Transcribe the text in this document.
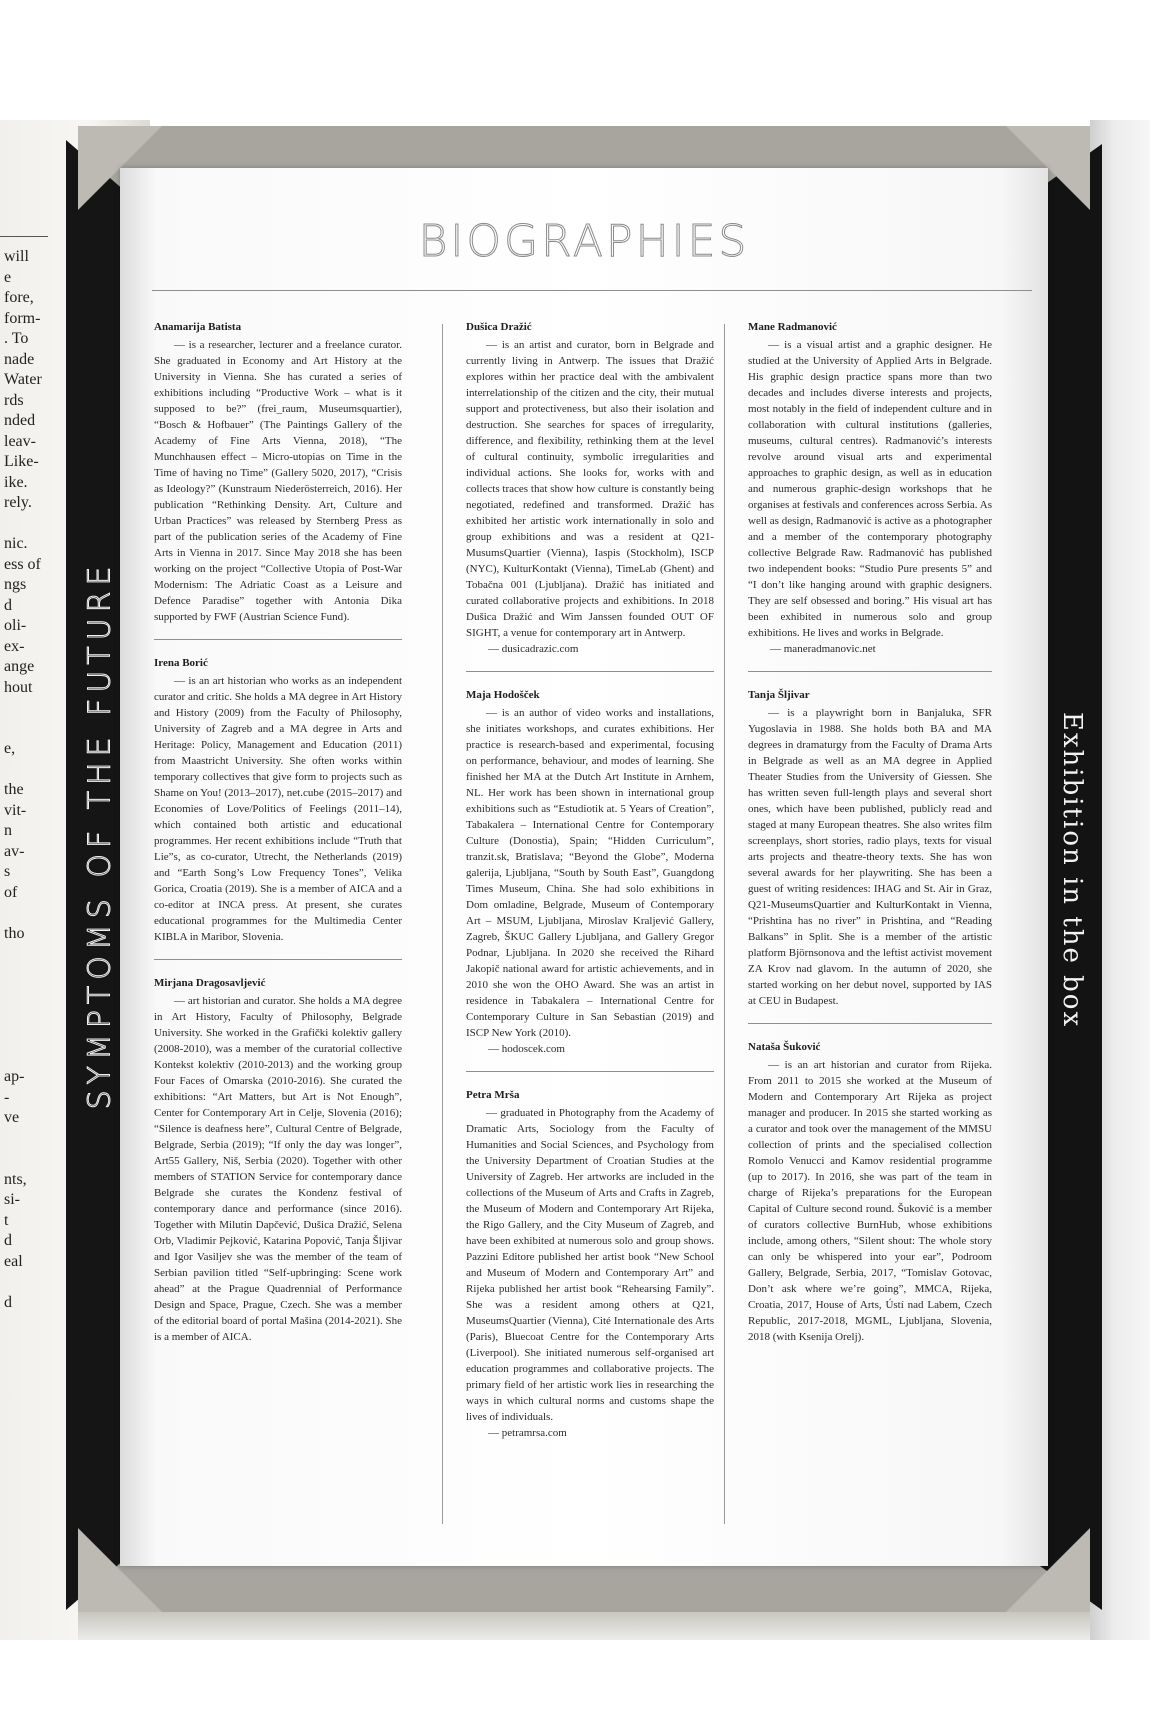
will
e
fore,
form-
. To
nade
Water
rds
nded
leav-
Like-
ike.
rely.
nic.
ess of
ngs
d
oli-
ex-
ange
hout
e,
the
vit-
n
av-
s
of
tho
ap-
-
ve
nts,
si-
t
d
eal
d
SYMPTOMS OF THE FUTURE	Exhibition in the box
BIOGRAPHIES
Anamarija Batista

— is a researcher, lecturer and a freelance curator. She graduated in Economy and Art History at the University in Vienna. She has curated a series of exhibitions including “Productive Work – what is it supposed to be?” (frei_raum, Museumsquartier), “Bosch & Hofbauer” (The Paintings Gallery of the Academy of Fine Arts Vienna, 2018), “The Munchhausen effect – Micro-utopias on Time in the Time of having no Time” (Gallery 5020, 2017), “Crisis as Ideology?” (Kunstraum Niederösterreich, 2016). Her publication “Rethinking Density. Art, Culture and Urban Practices” was released by Sternberg Press as part of the publication series of the Academy of Fine Arts in Vienna in 2017. Since May 2018 she has been working on the project “Collective Utopia of Post-War Modernism: The Adriatic Coast as a Leisure and Defence Paradise” together with Antonia Dika supported by FWF (Austrian Science Fund).

Irena Borić

— is an art historian who works as an independent curator and critic. She holds a MA degree in Art History and History (2009) from the Faculty of Philosophy, University of Zagreb and a MA degree in Arts and Heritage: Policy, Management and Education (2011) from Maastricht University. She often works within temporary collectives that give form to projects such as Shame on You! (2013–2017), net.cube (2015–2017) and Economies of Love/Politics of Feelings (2011–14), which contained both artistic and educational programmes. Her recent exhibitions include “Truth that Lie”s, as co-curator, Utrecht, the Netherlands (2019) and “Earth Song’s Low Frequency Tones”, Velika Gorica, Croatia (2019). She is a member of AICA and a co-editor at INCA press. At present, she curates educational programmes for the Multimedia Center KIBLA in Maribor, Slovenia.

Mirjana Dragosavljević

— art historian and curator. She holds a MA degree in Art History, Faculty of Philosophy, Belgrade University. She worked in the Grafički kolektiv gallery (2008-2010), was a member of the curatorial collective Kontekst kolektiv (2010-2013) and the working group Four Faces of Omarska (2010-2016). She curated the exhibitions: “Art Matters, but Art is Not Enough”, Center for Contemporary Art in Celje, Slovenia (2016); “Silence is deafness here”, Cultural Centre of Belgrade, Belgrade, Serbia (2019); “If only the day was longer”, Art55 Gallery, Niš, Serbia (2020). Together with other members of STATION Service for contemporary dance Belgrade she curates the Kondenz festival of contemporary dance and performance (since 2016). Together with Milutin Dapčević, Dušica Dražić, Selena Orb, Vladimir Pejković, Katarina Popović, Tanja Šljivar and Igor Vasiljev she was the member of the team of Serbian pavilion titled “Self-upbringing: Scene work ahead” at the Prague Quadrennial of Performance Design and Space, Prague, Czech. She was a member of the editorial board of portal Mašina (2014-2021). She is a member of AICA.

Dušica Dražić

— is an artist and curator, born in Belgrade and currently living in Antwerp. The issues that Dražić explores within her practice deal with the ambivalent interrelationship of the citizen and the city, their mutual support and protectiveness, but also their isolation and destruction. She searches for spaces of irregularity, difference, and flexibility, rethinking them at the level of cultural continuity, symbolic irregularities and individual actions. She looks for, works with and collects traces that show how culture is constantly being negotiated, redefined and transformed. Dražić has exhibited her artistic work internationally in solo and group exhibitions and was a resident at Q21-MusumsQuartier (Vienna), Iaspis (Stockholm), ISCP (NYC), KulturKontakt (Vienna), TimeLab (Ghent) and Tobačna 001 (Ljubljana). Dražić has initiated and curated collaborative projects and exhibitions. In 2018 Dušica Dražić and Wim Janssen founded OUT OF SIGHT, a venue for contemporary art in Antwerp.

— dusicadrazic.com

Maja Hodošček

— is an author of video works and installations, she initiates workshops, and curates exhibitions. Her practice is research-based and experimental, focusing on performance, behaviour, and modes of learning. She finished her MA at the Dutch Art Institute in Arnhem, NL. Her work has been shown in international group exhibitions such as “Estudiotik at. 5 Years of Creation”, Tabakalera – International Centre for Contemporary Culture (Donostia), Spain; “Hidden Curriculum”, tranzit.sk, Bratislava; “Beyond the Globe”, Moderna galerija, Ljubljana, “South by South East”, Guangdong Times Museum, China. She had solo exhibitions in Dom omladine, Belgrade, Museum of Contemporary Art – MSUM, Ljubljana, Miroslav Kraljević Gallery, Zagreb, ŠKUC Gallery Ljubljana, and Gallery Gregor Podnar, Ljubljana. In 2020 she received the Rihard Jakopič national award for artistic achievements, and in 2010 she won the OHO Award. She was an artist in residence in Tabakalera – International Centre for Contemporary Culture in San Sebastian (2019) and ISCP New York (2010).

— hodoscek.com

Petra Mrša

— graduated in Photography from the Academy of Dramatic Arts, Sociology from the Faculty of Humanities and Social Sciences, and Psychology from the University Department of Croatian Studies at the University of Zagreb. Her artworks are included in the collections of the Museum of Arts and Crafts in Zagreb, the Museum of Modern and Contemporary Art Rijeka, the Rigo Gallery, and the City Museum of Zagreb, and have been exhibited at numerous solo and group shows. Pazzini Editore published her artist book “New School and Museum of Modern and Contemporary Art” and Rijeka published her artist book “Rehearsing Family”. She was a resident among others at Q21, MuseumsQuartier (Vienna), Cité Internationale des Arts (Paris), Bluecoat Centre for the Contemporary Arts (Liverpool). She initiated numerous self-organised art education programmes and collaborative projects. The primary field of her artistic work lies in researching the ways in which cultural norms and customs shape the lives of individuals.

— petramrsa.com

Mane Radmanović

— is a visual artist and a graphic designer. He studied at the University of Applied Arts in Belgrade. His graphic design practice spans more than two decades and includes diverse interests and projects, most notably in the field of independent culture and in collaboration with cultural institutions (galleries, museums, cultural centres). Radmanović’s interests revolve around visual arts and experimental approaches to graphic design, as well as in education and numerous graphic-design workshops that he organises at festivals and conferences across Serbia. As well as design, Radmanović is active as a photographer and a member of the contemporary photography collective Belgrade Raw. Radmanović has published two independent books: “Studio Pure presents 5” and “I don’t like hanging around with graphic designers. They are self obsessed and boring.” His visual art has been exhibited in numerous solo and group exhibitions. He lives and works in Belgrade.

— maneradmanovic.net

Tanja Šljivar

— is a playwright born in Banjaluka, SFR Yugoslavia in 1988. She holds both BA and MA degrees in dramaturgy from the Faculty of Drama Arts in Belgrade as well as an MA degree in Applied Theater Studies from the University of Giessen. She has written seven full-length plays and several short ones, which have been published, publicly read and staged at many European theatres. She also writes film screenplays, short stories, radio plays, texts for visual arts projects and theatre-theory texts. She has won several awards for her playwriting. She has been a guest of writing residences: IHAG and St. Air in Graz, Q21-MuseumsQuartier and KulturKontakt in Vienna, “Prishtina has no river” in Prishtina, and “Reading Balkans” in Split. She is a member of the artistic platform Björnsonova and the leftist activist movement ZA Krov nad glavom. In the autumn of 2020, she started working on her debut novel, supported by IAS at CEU in Budapest.

Nataša Šuković

— is an art historian and curator from Rijeka. From 2011 to 2015 she worked at the Museum of Modern and Contemporary Art Rijeka as project manager and producer. In 2015 she started working as a curator and took over the management of the MMSU collection of prints and the specialised collection Romolo Venucci and Kamov residential programme (up to 2017). In 2016, she was part of the team in charge of Rijeka’s preparations for the European Capital of Culture second round. Šuković is a member of curators collective BurnHub, whose exhibitions include, among others, “Silent shout: The whole story can only be whispered into your ear”, Podroom Gallery, Belgrade, Serbia, 2017, “Tomislav Gotovac, Don’t ask where we’re going”, MMCA, Rijeka, Croatia, 2017, House of Arts, Ústí nad Labem, Czech Republic, 2017-2018, MGML, Ljubljana, Slovenia, 2018 (with Ksenija Orelj).
